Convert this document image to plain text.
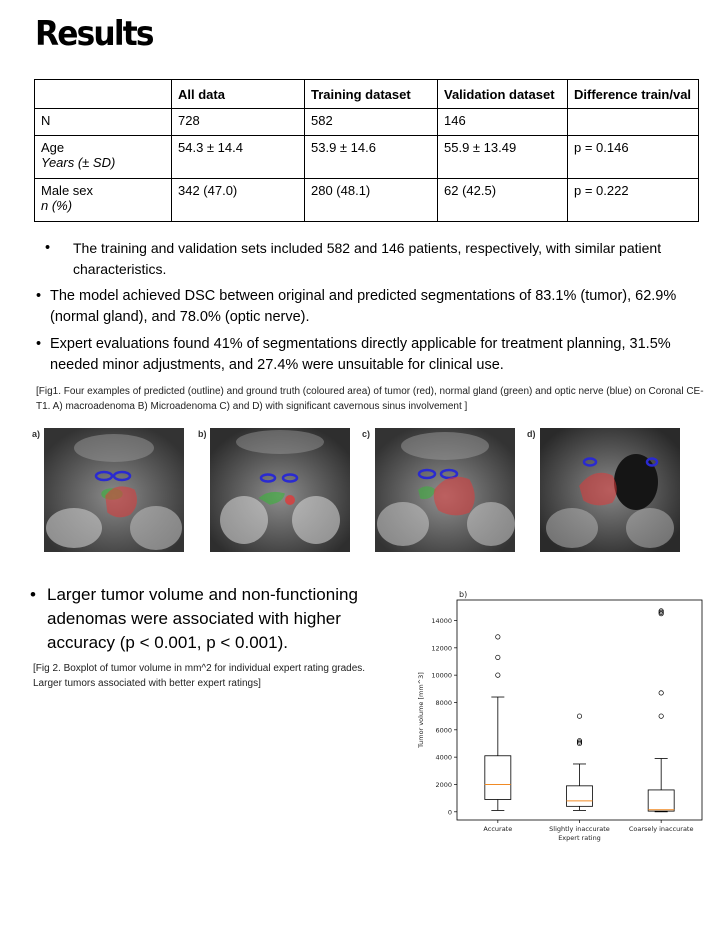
Results
	All data	Training dataset	Validation dataset	Difference train/val
N	728	582	146	
Age
Years (± SD)	54.3 ± 14.4	53.9 ± 14.6	55.9 ± 13.49	p = 0.146
Male sex
n (%)	342 (47.0)	280 (48.1)	62 (42.5)	p = 0.222
• The training and validation sets included 582 and 146 patients, respectively, with similar patient characteristics.
• The model achieved DSC between original and predicted segmentations of 83.1% (tumor), 62.9% (normal gland), and 78.0% (optic nerve).
• Expert evaluations found 41% of segmentations directly applicable for treatment planning, 31.5% needed minor adjustments, and 27.4% were unsuitable for clinical use.
[Fig1. Four examples of predicted (outline) and ground truth (coloured area) of tumor (red), normal gland (green) and optic nerve (blue) on Coronal CE-T1. A) macroadenoma B) Microadenoma C) and D) with significant cavernous sinus involvement ]
a)	b)	c)	d)
• Larger tumor volume and non-functioning adenomas were associated with higher accuracy (p < 0.001, p < 0.001).
[Fig 2. Boxplot of tumor volume in mm^2 for individual expert rating grades. Larger tumors associated with better expert ratings]
b)
0
2000
4000
6000
8000
10000
12000
14000
Tumor volume [mm^3]
Accurate	Slightly inaccurate	Coarsely inaccurate
Expert rating
